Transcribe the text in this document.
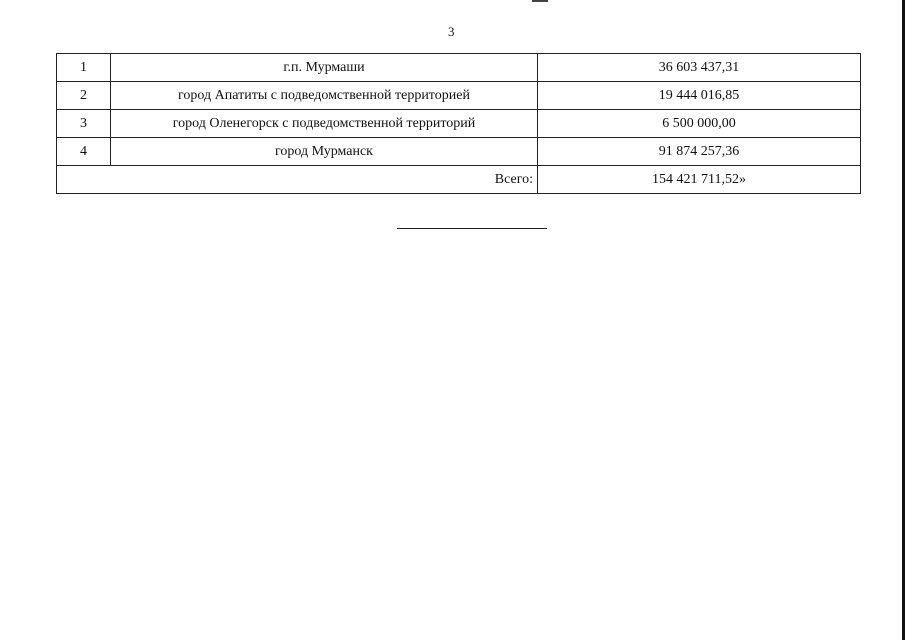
3
1	г.п. Мурмаши	36 603 437,31
2	город Апатиты с подведомственной территорией	19 444 016,85
3	город Оленегорск с подведомственной территорий	6 500 000,00
4	город Мурманск	91 874 257,36
Всего:		154 421 711,52»
